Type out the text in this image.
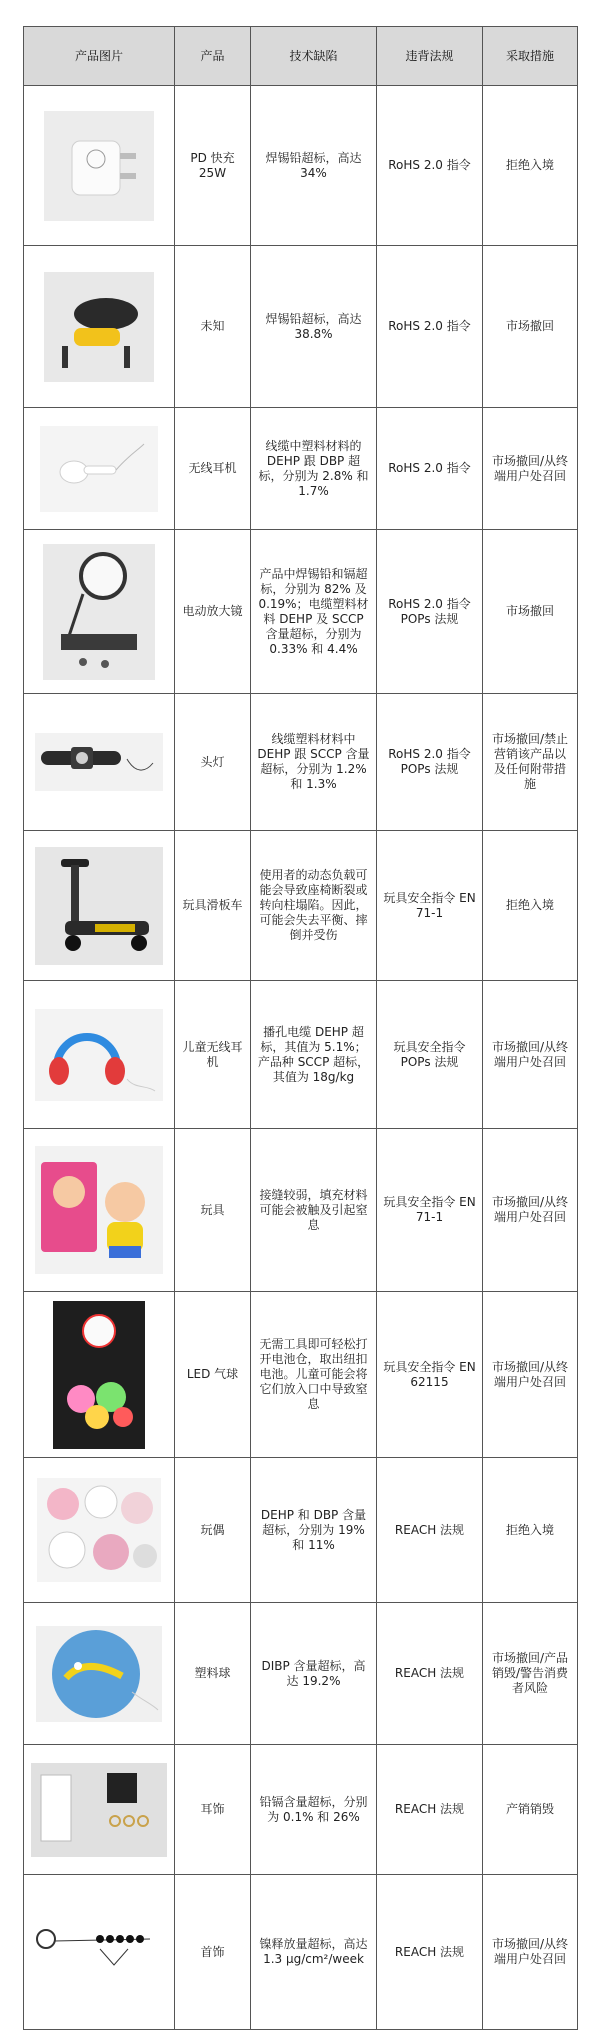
产品图片	产品	技术缺陷	违背法规	采取措施

	PD 快充 25W	焊锡铅超标，高达 34%	RoHS 2.0 指令	拒绝入境

	未知	焊锡铅超标，高达 38.8%	RoHS 2.0 指令	市场撤回

	无线耳机	线缆中塑料材料的 DEHP 跟 DBP 超标，分别为 2.8% 和 1.7%	RoHS 2.0 指令	市场撤回/从终端用户处召回

	电动放大镜	产品中焊锡铅和镉超标，分别为 82% 及 0.19%；电缆塑料材料 DEHP 及 SCCP 含量超标，分别为 0.33% 和 4.4%	RoHS 2.0 指令 POPs 法规	市场撤回

	头灯	线缆塑料材料中 DEHP 跟 SCCP 含量超标，分别为 1.2% 和 1.3%	RoHS 2.0 指令 POPs 法规	市场撤回/禁止营销该产品以及任何附带措施

	玩具滑板车	使用者的动态负载可能会导致座椅断裂或转向柱塌陷。因此，可能会失去平衡、摔倒并受伤	玩具安全指令 EN 71-1	拒绝入境

	儿童无线耳机	播孔电缆 DEHP 超标，其值为 5.1%；产品种 SCCP 超标，其值为 18g/kg	玩具安全指令 POPs 法规	市场撤回/从终端用户处召回

	玩具	接缝较弱，填充材料可能会被触及引起窒息	玩具安全指令 EN 71-1	市场撤回/从终端用户处召回

	LED 气球	无需工具即可轻松打开电池仓，取出纽扣电池。儿童可能会将它们放入口中导致窒息	玩具安全指令 EN 62115	市场撤回/从终端用户处召回

	玩偶	DEHP 和 DBP 含量超标，分别为 19% 和 11%	REACH 法规	拒绝入境

	塑料球	DIBP 含量超标，高达 19.2%	REACH 法规	市场撤回/产品销毁/警告消费者风险

	耳饰	铅镉含量超标，分别为 0.1% 和 26%	REACH 法规	产销销毁

	首饰	镍释放量超标，高达 1.3 μg/cm²/week	REACH 法规	市场撤回/从终端用户处召回
